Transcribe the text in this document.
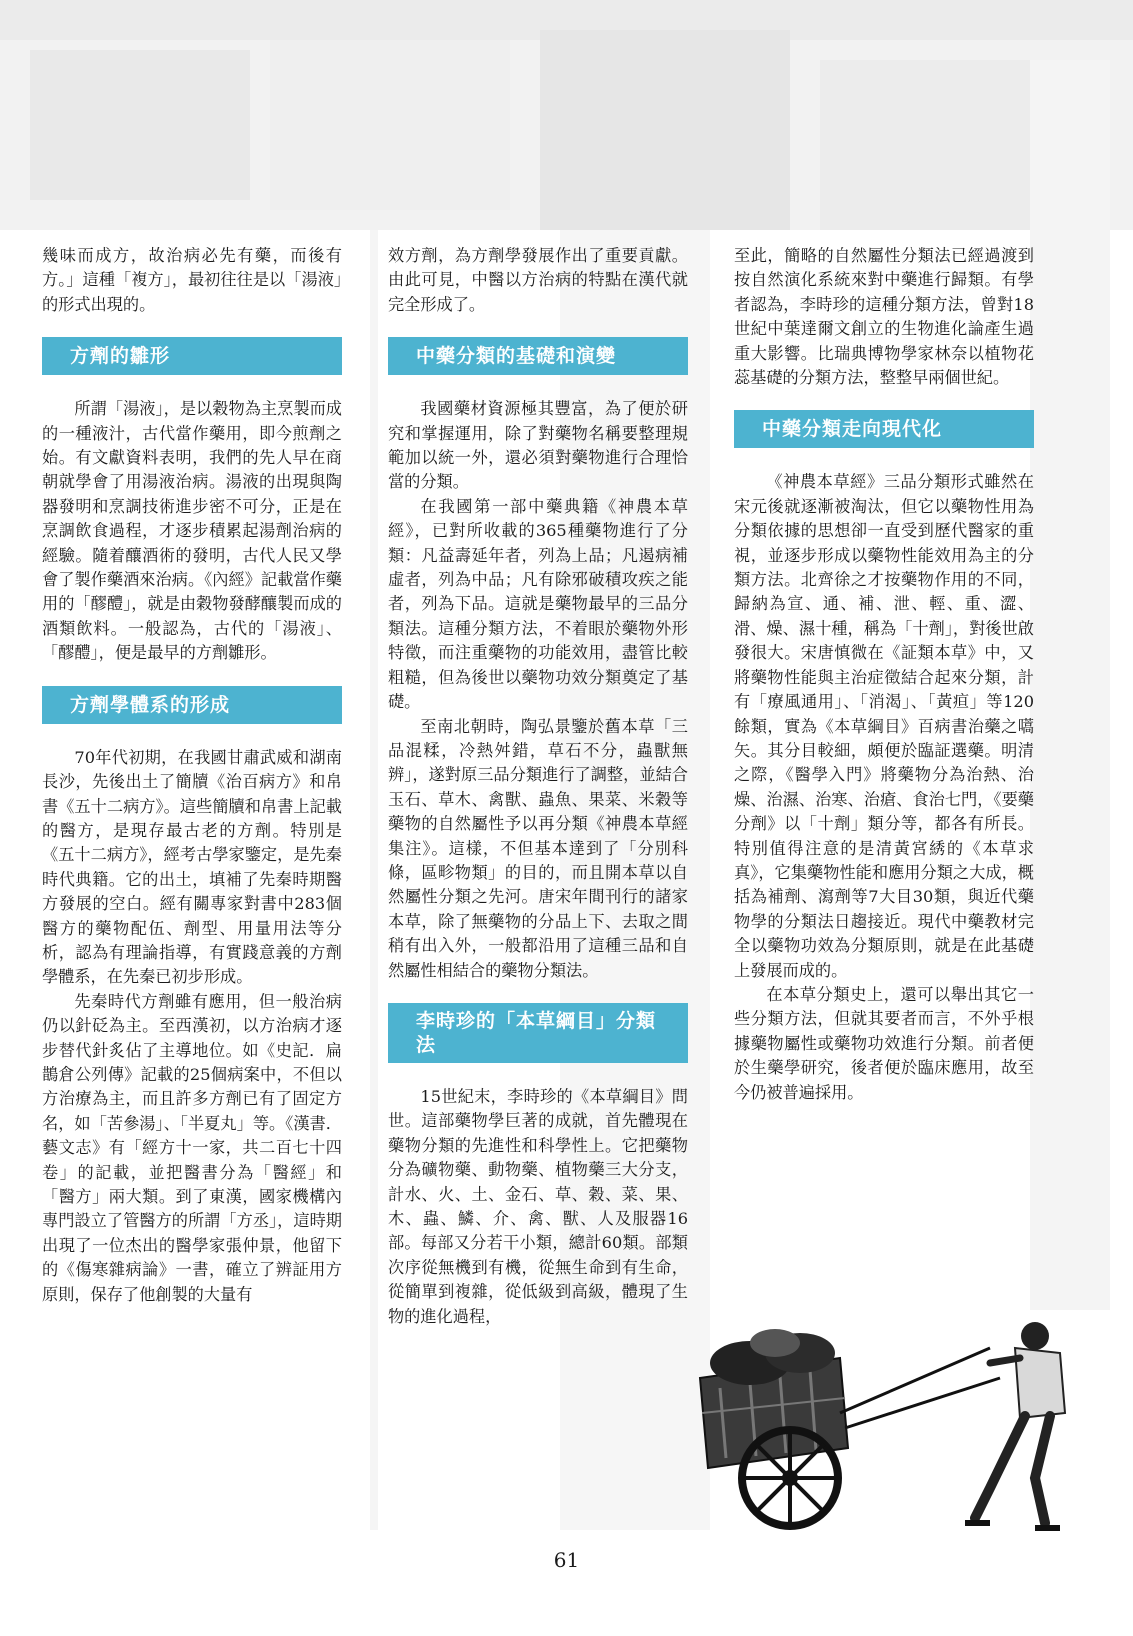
幾味而成方，故治病必先有藥，而後有方。」這種「複方」，最初往往是以「湯液」的形式出現的。

方劑的雛形

所謂「湯液」，是以穀物為主烹製而成的一種液汁，古代當作藥用，即今煎劑之始。有文獻資料表明，我們的先人早在商朝就學會了用湯液治病。湯液的出現與陶器發明和烹調技術進步密不可分，正是在烹調飲食過程，才逐步積累起湯劑治病的經驗。隨着釀酒術的發明，古代人民又學會了製作藥酒來治病。《內經》記載當作藥用的「醪醴」，就是由穀物發酵釀製而成的酒類飲料。一般認為，古代的「湯液」、「醪醴」，便是最早的方劑雛形。

方劑學體系的形成

70年代初期，在我國甘肅武威和湖南長沙，先後出土了簡牘《治百病方》和帛書《五十二病方》。這些簡牘和帛書上記載的醫方，是現存最古老的方劑。特別是《五十二病方》，經考古學家鑒定，是先秦時代典籍。它的出土，填補了先秦時期醫方發展的空白。經有關專家對書中283個醫方的藥物配伍、劑型、用量用法等分析，認為有理論指導，有實踐意義的方劑學體系，在先秦已初步形成。

先秦時代方劑雖有應用，但一般治病仍以針砭為主。至西漢初，以方治病才逐步替代針炙佔了主導地位。如《史記．扁鵲倉公列傳》記載的25個病案中，不但以方治療為主，而且許多方劑已有了固定方名，如「苦參湯」、「半夏丸」等。《漢書．藝文志》有「經方十一家，共二百七十四卷」的記載，並把醫書分為「醫經」和「醫方」兩大類。到了東漢，國家機構內專門設立了管醫方的所謂「方丞」，這時期出現了一位杰出的醫學家張仲景，他留下的《傷寒雜病論》一書，確立了辨証用方原則，保存了他創製的大量有

效方劑，為方劑學發展作出了重要貢獻。由此可見，中醫以方治病的特點在漢代就完全形成了。

中藥分類的基礎和演變

我國藥材資源極其豐富，為了便於研究和掌握運用，除了對藥物名稱要整理規範加以統一外，還必須對藥物進行合理恰當的分類。

在我國第一部中藥典籍《神農本草經》，已對所收載的365種藥物進行了分類：凡益壽延年者，列為上品；凡遏病補虛者，列為中品；凡有除邪破積攻疾之能者，列為下品。這就是藥物最早的三品分類法。這種分類方法，不着眼於藥物外形特徵，而注重藥物的功能效用，盡管比較粗糙，但為後世以藥物功效分類奠定了基礎。

至南北朝時，陶弘景鑒於舊本草「三品混糅，冷熱舛錯，草石不分，蟲獸無辨」，遂對原三品分類進行了調整，並結合玉石、草木、禽獸、蟲魚、果菜、米穀等藥物的自然屬性予以再分類《神農本草經集注》。這樣，不但基本達到了「分別科條，區畛物類」的目的，而且開本草以自然屬性分類之先河。唐宋年間刊行的諸家本草，除了無藥物的分品上下、去取之間稍有出入外，一般都沿用了這種三品和自然屬性相結合的藥物分類法。

李時珍的「本草綱目」分類法

15世紀末，李時珍的《本草綱目》問世。這部藥物學巨著的成就，首先體現在藥物分類的先進性和科學性上。它把藥物分為礦物藥、動物藥、植物藥三大分支，計水、火、土、金石、草、穀、菜、果、木、蟲、鱗、介、禽、獸、人及服器16部。每部又分若干小類，總計60類。部類次序從無機到有機，從無生命到有生命，從簡單到複雜，從低級到高級，體現了生物的進化過程，

至此，簡略的自然屬性分類法已經過渡到按自然演化系統來對中藥進行歸類。有學者認為，李時珍的這種分類方法，曾對18世紀中葉達爾文創立的生物進化論產生過重大影響。比瑞典博物學家林奈以植物花蕊基礎的分類方法，整整早兩個世紀。

中藥分類走向現代化

《神農本草經》三品分類形式雖然在宋元後就逐漸被淘汰，但它以藥物性用為分類依據的思想卻一直受到歷代醫家的重視，並逐步形成以藥物性能效用為主的分類方法。北齊徐之才按藥物作用的不同，歸納為宣、通、補、泄、輕、重、澀、滑、燥、濕十種，稱為「十劑」，對後世啟發很大。宋唐慎微在《証類本草》中，又將藥物性能與主治症徵結合起來分類，計有「療風通用」、「消渴」、「黃疸」等120餘類，實為《本草綱目》百病書治藥之嚆矢。其分目較細，頗便於臨証選藥。明清之際，《醫學入門》將藥物分為治熱、治燥、治濕、治寒、治瘡、食治七門，《要藥分劑》以「十劑」類分等，都各有所長。特別值得注意的是清黃宮綉的《本草求真》，它集藥物性能和應用分類之大成，概括為補劑、瀉劑等7大目30類，與近代藥物學的分類法日趨接近。現代中藥教材完全以藥物功效為分類原則，就是在此基礎上發展而成的。

在本草分類史上，還可以舉出其它一些分類方法，但就其要者而言，不外乎根據藥物屬性或藥物功效進行分類。前者便於生藥學研究，後者便於臨床應用，故至今仍被普遍採用。

61
